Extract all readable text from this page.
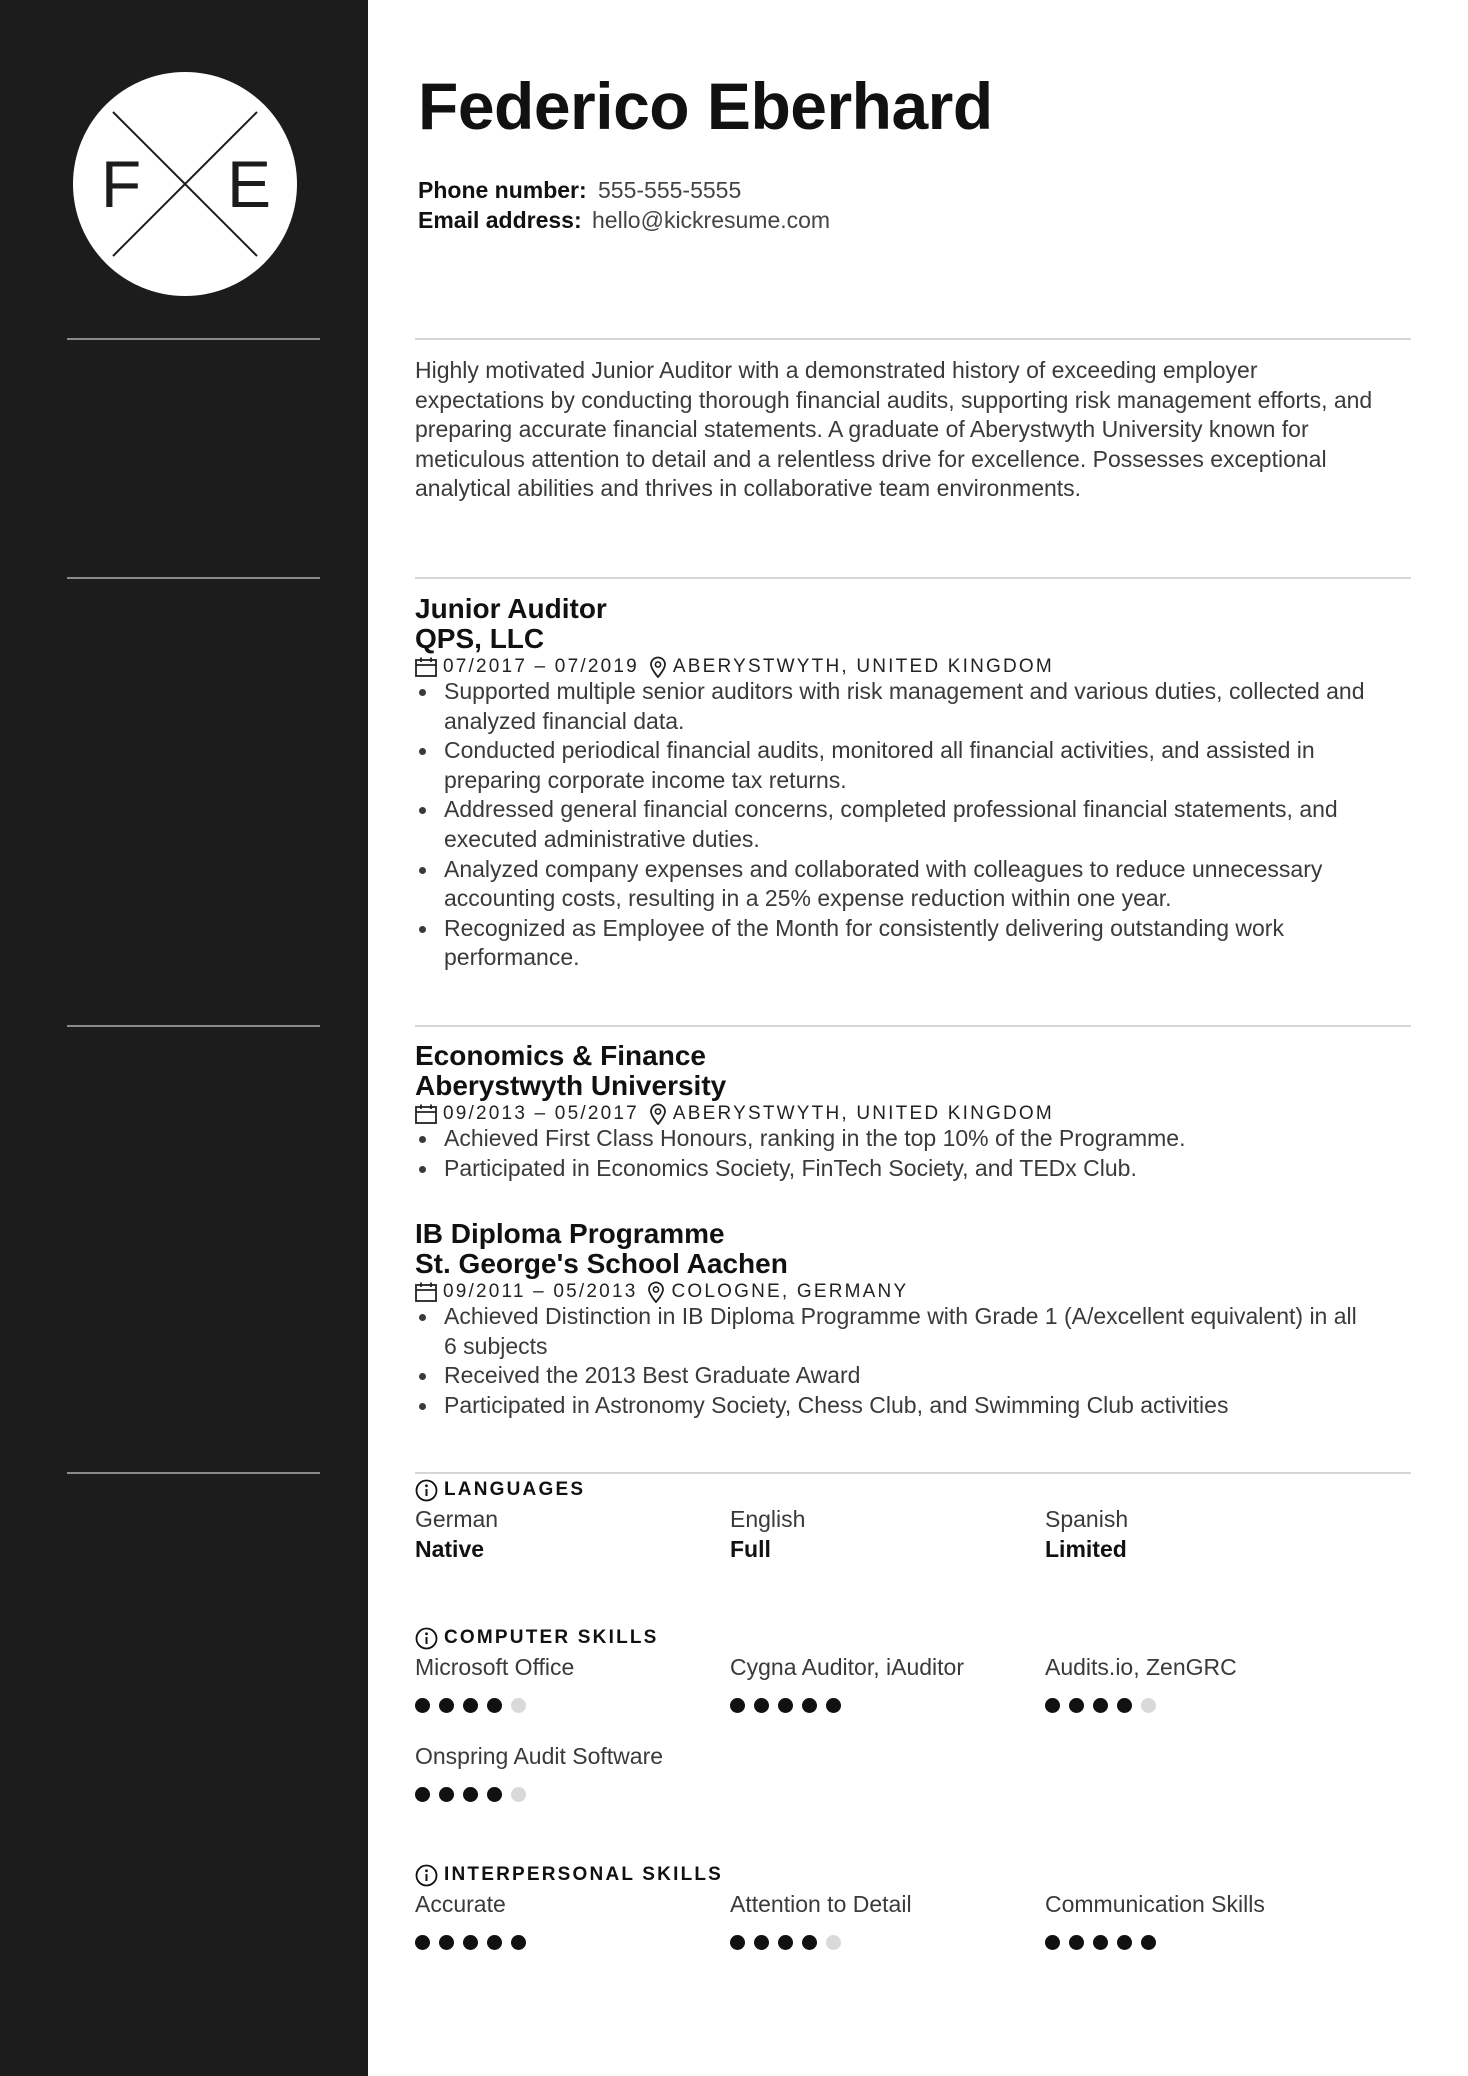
F E
Federico Eberhard
Phone number: 555-555-5555
Email address: hello@kickresume.com
Highly motivated Junior Auditor with a demonstrated history of exceeding employer expectations by conducting thorough financial audits, supporting risk management efforts, and preparing accurate financial statements. A graduate of Aberystwyth University known for meticulous attention to detail and a relentless drive for excellence. Possesses exceptional analytical abilities and thrives in collaborative team environments.
Junior Auditor
QPS, LLC
07/2017 – 07/2019 ABERYSTWYTH, UNITED KINGDOM
Supported multiple senior auditors with risk management and various duties, collected and analyzed financial data.
Conducted periodical financial audits, monitored all financial activities, and assisted in preparing corporate income tax returns.
Addressed general financial concerns, completed professional financial statements, and executed administrative duties.
Analyzed company expenses and collaborated with colleagues to reduce unnecessary accounting costs, resulting in a 25% expense reduction within one year.
Recognized as Employee of the Month for consistently delivering outstanding work performance.
Economics & Finance
Aberystwyth University
09/2013 – 05/2017 ABERYSTWYTH, UNITED KINGDOM
Achieved First Class Honours, ranking in the top 10% of the Programme.
Participated in Economics Society, FinTech Society, and TEDx Club.
IB Diploma Programme
St. George's School Aachen
09/2011 – 05/2013 COLOGNE, GERMANY
Achieved Distinction in IB Diploma Programme with Grade 1 (A/excellent equivalent) in all 6 subjects
Received the 2013 Best Graduate Award
Participated in Astronomy Society, Chess Club, and Swimming Club activities
LANGUAGES
German
Native
English
Full
Spanish
Limited
COMPUTER SKILLS
Microsoft Office	Cygna Auditor, iAuditor	Audits.io, ZenGRC
Onspring Audit Software
INTERPERSONAL SKILLS
Accurate	Attention to Detail	Communication Skills
